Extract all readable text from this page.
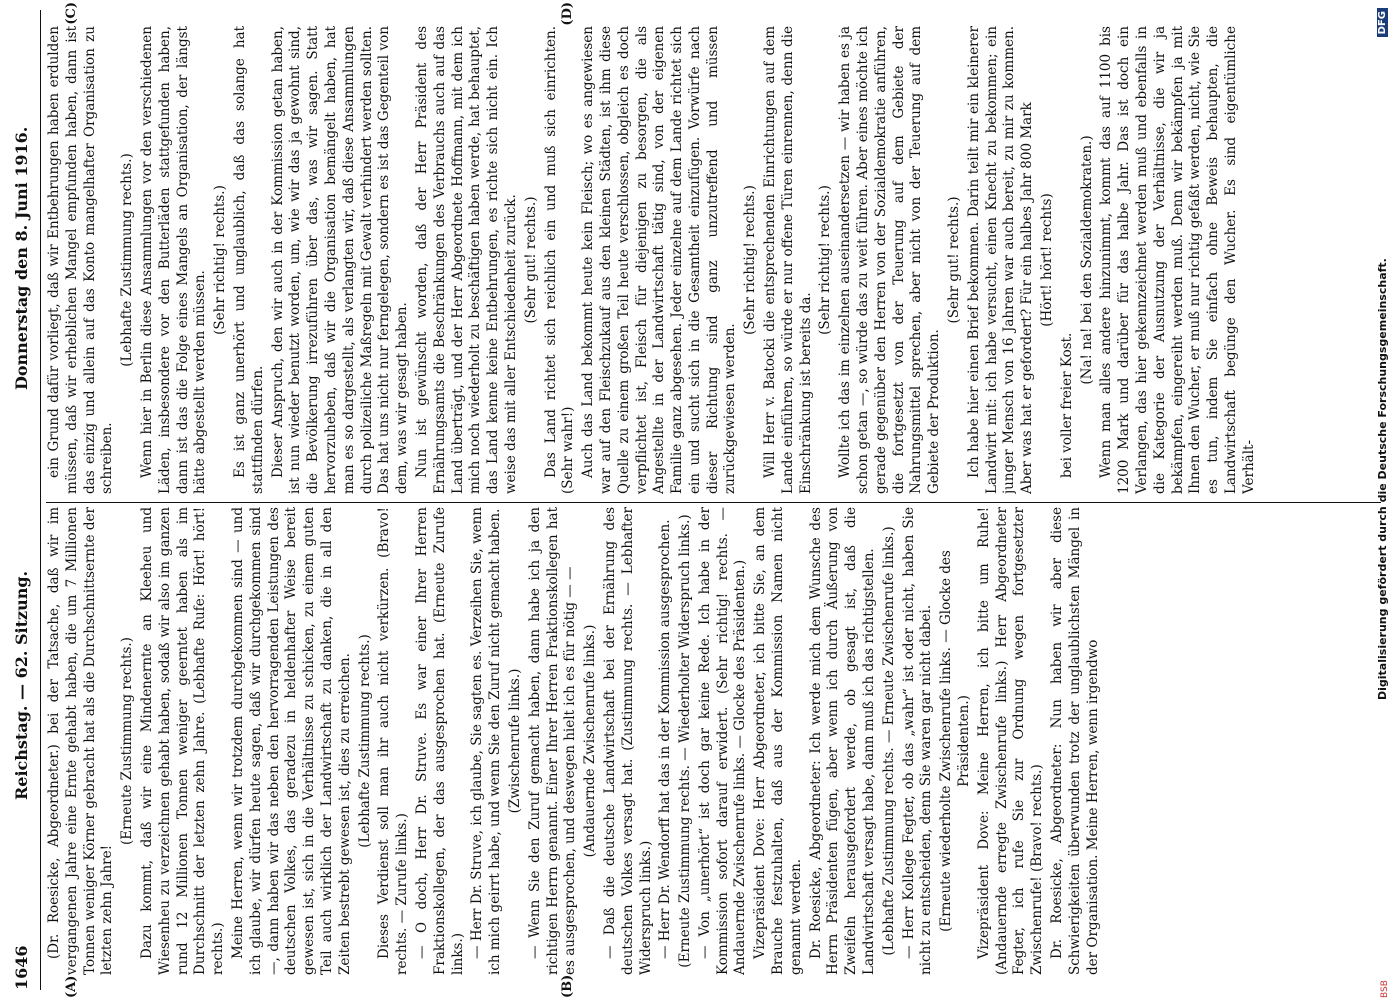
1646
Reichstag. — 62. Sitzung.
Donnerstag den 8. Juni 1916.
(A)	(B)
(C)	(D)

(Dr. Roesicke, Abgeordneter.) bei der Tatsache, daß wir im vergangenen Jahre eine Ernte gehabt haben, die um 7 Millionen Tonnen weniger Körner gebracht hat als die Durchschnittsernte der letzten zehn Jahre!

(Erneute Zustimmung rechts.) Dazu kommt, daß wir eine Mindenernte an Kleeheu und Wiesenheu zu verzeichnen gehabt haben, sodaß wir also im ganzen rund 12 Millionen Tonnen weniger geerntet haben als im Durchschnitt der letzten zehn Jahre. (Lebhafte Rufe: Hört! hört! rechts.) Meine Herren, wenn wir trotzdem durchgekommen sind — und ich glaube, wir dürfen heute sagen, daß wir durchgekommen sind —, dann haben wir das neben den hervorragenden Leistungen des deutschen Volkes, das geradezu in heldenhafter Weise bereit gewesen ist, sich in die Verhältnisse zu schicken, zu einem guten Teil auch wirklich der Landwirtschaft zu danken, die in all den Zeiten bestrebt gewesen ist, dies zu erreichen. (Lebhafte Zustimmung rechts.) Dieses Verdienst soll man ihr auch nicht verkürzen. (Bravo! rechts. — Zurufe links.) — O doch, Herr Dr. Struve. Es war einer Ihrer Herren Fraktionskollegen, der das ausgesprochen hat. (Erneute Zurufe links.) — Herr Dr. Struve, ich glaube, Sie sagten es. Verzeihen Sie, wenn ich mich geirrt habe, und wenn Sie den Zuruf nicht gemacht haben. (Zwischenrufe links.) — Wenn Sie den Zuruf gemacht haben, dann habe ich ja den richtigen Herrn genannt. Einer Ihrer Herren Fraktionskollegen hat es ausgesprochen, und deswegen hielt ich es für nötig — — (Andauernde Zwischenrufe links.) — Daß die deutsche Landwirtschaft bei der Ernährung des deutschen Volkes versagt hat. (Zustimmung rechts. — Lebhafter Widerspruch links.) — Herr Dr. Wendorff hat das in der Kommission ausgesprochen. (Erneute Zustimmung rechts. — Wiederholter Widerspruch links.) — Von „unerhört“ ist doch gar keine Rede. Ich habe in der Kommission sofort darauf erwidert. (Sehr richtig! rechts. — Andauernde Zwischenrufe links. — Glocke des Präsidenten.) Vizepräsident Dove: Herr Abgeordneter, ich bitte Sie, an dem Brauche festzuhalten, daß aus der Kommission Namen nicht genannt werden. Dr. Roesicke, Abgeordneter: Ich werde mich dem Wunsche des Herrn Präsidenten fügen, aber wenn ich durch Äußerung von Zweifeln herausgefordert werde, ob gesagt ist, daß die Landwirtschaft versagt habe, dann muß ich das richtigstellen. (Lebhafte Zustimmung rechts. — Erneute Zwischenrufe links.) — Herr Kollege Fegter, ob das „wahr“ ist oder nicht, haben Sie nicht zu entscheiden, denn Sie waren gar nicht dabei. (Erneute wiederholte Zwischenrufe links. — Glocke des Präsidenten.) Vizepräsident Dove: Meine Herren, ich bitte um Ruhe! (Andauernde erregte Zwischenrufe links.) Herr Abgeordneter Fegter, ich rufe Sie zur Ordnung wegen fortgesetzter Zwischenrufe! (Bravo! rechts.) Dr. Roesicke, Abgeordneter: Nun haben wir aber diese Schwierigkeiten überwunden trotz der unglaublichsten Mängel in der Organisation. Meine Herren, wenn irgendwo

ein Grund dafür vorliegt, daß wir Entbehrungen haben erdulden müssen, daß wir erheblichen Mangel empfunden haben, dann ist das einzig und allein auf das Konto mangelhafter Organisation zu schreiben.

(Lebhafte Zustimmung rechts.) Wenn hier in Berlin diese Ansammlungen vor den verschiedenen Läden, insbesondere vor den Butterläden stattgefunden haben, dann ist das die Folge eines Mangels an Organisation, der längst hätte abgestellt werden müssen.

(Sehr richtig! rechts.) Es ist ganz unerhört und unglaublich, daß das solange hat stattfinden dürfen. Dieser Anspruch, den wir auch in der Kommission getan haben, ist nun wieder benutzt worden, um, wie wir das ja gewohnt sind, die Bevölkerung irrezuführen über das, was wir sagen. Statt hervorzuheben, daß wir die Organisation bemängelt haben, hat man es so dargestellt, als verlangten wir, daß diese Ansammlungen durch polizeiliche Maßregeln mit Gewalt verhindert werden sollten. Das hat uns nicht nur ferngelegen, sondern es ist das Gegenteil von dem, was wir gesagt haben. Nun ist gewünscht worden, daß der Herr Präsident des Ernährungsamts die Beschränkungen des Verbrauchs auch auf das Land überträgt, und der Herr Abgeordnete Hoffmann, mit dem ich mich noch wiederholt zu beschäftigen haben werde, hat behauptet, das Land kenne keine Entbehrungen, es richte sich nicht ein. Ich weise das mit aller Entschiedenheit zurück. (Sehr gut! rechts.) Das Land richtet sich reichlich ein und muß sich einrichten. (Sehr wahr!) Auch das Land bekommt heute kein Fleisch; wo es angewiesen war auf den Fleischzukauf aus den kleinen Städten, ist ihm diese Quelle zu einem großen Teil heute verschlossen, obgleich es doch verpflichtet ist, Fleisch für diejenigen zu besorgen, die als Angestellte in der Landwirtschaft tätig sind, von der eigenen Familie ganz abgesehen. Jeder einzelne auf dem Lande richtet sich ein und sucht sich in die Gesamtheit einzufügen. Vorwürfe nach dieser Richtung sind ganz unzutreffend und müssen zurückgewiesen werden.

(Sehr richtig! rechts.) Will Herr v. Batocki die entsprechenden Einrichtungen auf dem Lande einführen, so würde er nur offene Türen einrennen, denn die Einschränkung ist bereits da.

(Sehr richtig! rechts.) Wollte ich das im einzelnen auseinandersetzen — wir haben es ja schon getan —, so würde das zu weit führen. Aber eines möchte ich gerade gegenüber den Herren von der Sozialdemokratie anführen, die fortgesetzt von der Teuerung auf dem Gebiete der Nahrungsmittel sprechen, aber nicht von der Teuerung auf dem Gebiete der Produktion.

(Sehr gut! rechts.) Ich habe hier einen Brief bekommen. Darin teilt mir ein kleinerer Landwirt mit: ich habe versucht, einen Knecht zu bekommen; ein junger Mensch von 16 Jahren war auch bereit, zu mir zu kommen. Aber was hat er gefordert? Für ein halbes Jahr 800 Mark (Hört! hört! rechts)

bei voller freier Kost.

(Na! na! bei den Sozialdemokraten.) Wenn man alles andere hinzunimmt, kommt das auf 1100 bis 1200 Mark und darüber für das halbe Jahr. Das ist doch ein Verlangen, das hier gekennzeichnet werden muß und ebenfalls in die Kategorie der Ausnutzung der Verhältnisse, die wir ja bekämpfen, eingereiht werden muß. Denn wir bekämpfen ja mit Ihnen den Wucher, er muß nur richtig gefaßt werden, nicht, wie Sie es tun, indem Sie einfach ohne Beweis behaupten, die Landwirtschaft begünge den Wucher. Es sind eigentümliche Verhält-	Digitalisierung gefördert durch die Deutsche Forschungsgemeinschaft.
DFG
BSB
